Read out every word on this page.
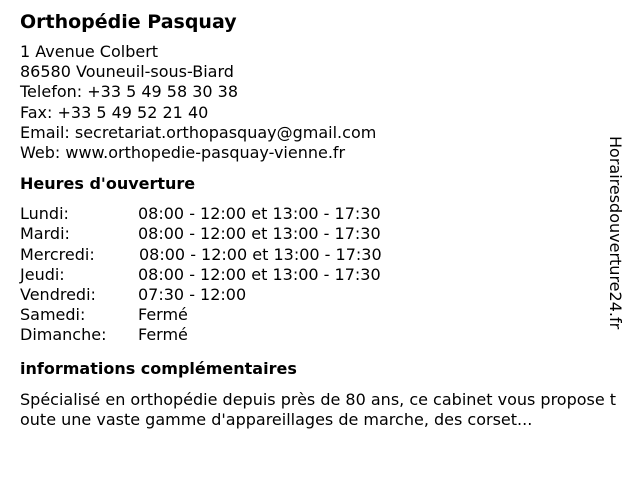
Orthopédie Pasquay
1 Avenue Colbert
86580 Vouneuil-sous-Biard
Telefon: +33 5 49 58 30 38
Fax: +33 5 49 52 21 40
Email: secretariat.orthopasquay@gmail.com
Web: www.orthopedie-pasquay-vienne.fr
Heures d'ouverture
Lundi:	08:00 - 12:00 et 13:00 - 17:30
Mardi:	08:00 - 12:00 et 13:00 - 17:30
Mercredi:	08:00 - 12:00 et 13:00 - 17:30
Jeudi:	08:00 - 12:00 et 13:00 - 17:30
Vendredi:	07:30 - 12:00
Samedi:	Fermé
Dimanche: Fermé
informations complémentaires
Spécialisé en orthopédie depuis près de 80 ans, ce cabinet vous propose toute une vaste gamme d'appareillages de marche, des corset...
Horairesdouverture24.fr
